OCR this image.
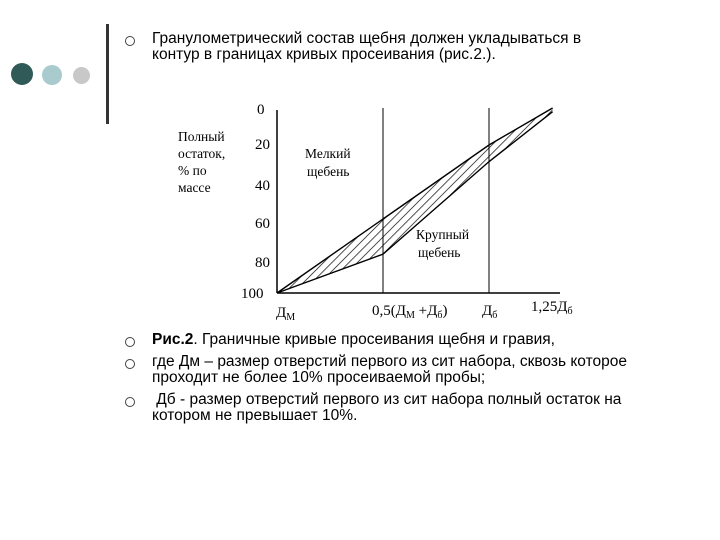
Гранулометрический состав щебня должен укладываться в
контур в границах кривых просеивания (рис.2.).
0
20
40
60
80
100
Полный
остаток,
% по
массе
Мелкий
щебень
Крупный
щебень
$Д_М$	$0,5(Д_М +Д_б)$ $Д_б$
$1,25Д_б$
Рис.2. Граничные кривые просеивания щебня и гравия,
где Дм – размер отверстий первого из сит набора, сквозь которое
проходит не более 10% просеиваемой пробы;
Дб - размер отверстий первого из сит набора полный остаток на
котором не превышает 10%.
